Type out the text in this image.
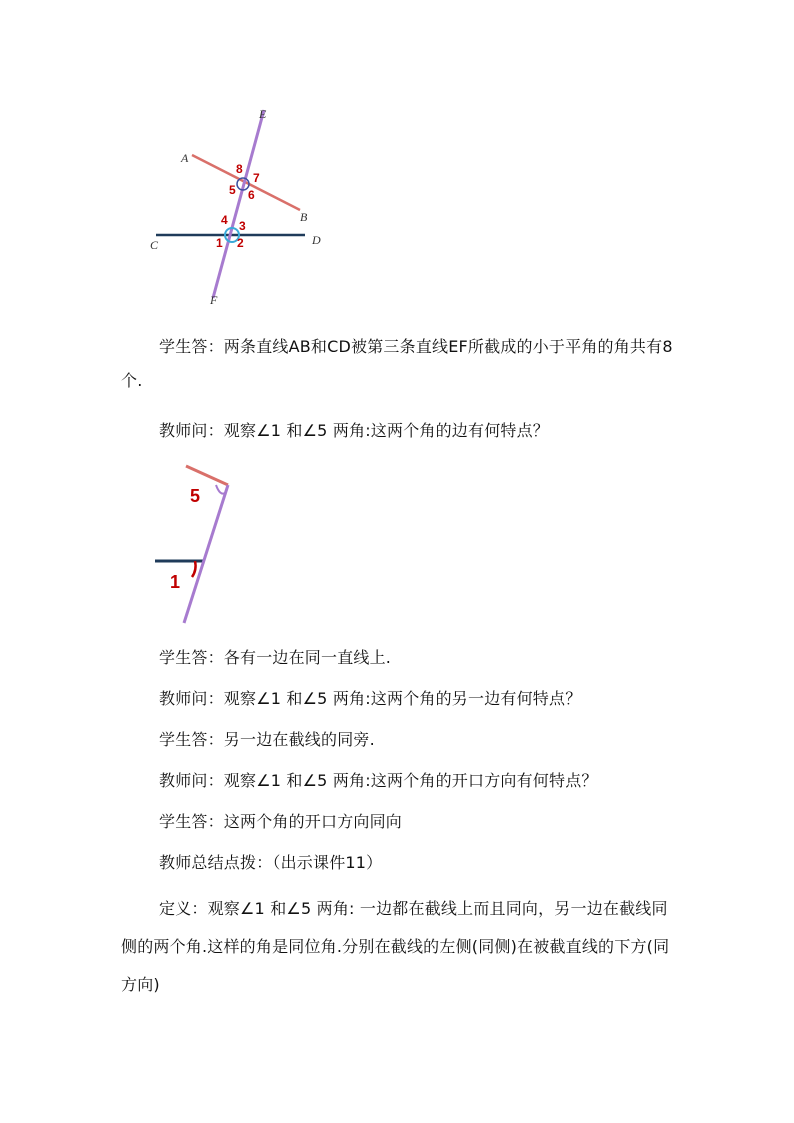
A
B
C	D
E
F
1 2
3
4
5 6
7
8

学生答：两条直线AB和CD被第三条直线EF所截成的小于平角的角共有8个.

教师问：观察∠1 和∠5 两角:这两个角的边有何特点？

5
1

学生答：各有一边在同一直线上.

教师问：观察∠1 和∠5 两角:这两个角的另一边有何特点？

学生答：另一边在截线的同旁.

教师问：观察∠1 和∠5 两角:这两个角的开口方向有何特点？

学生答：这两个角的开口方向同向

教师总结点拨：（出示课件11）

定义：观察∠1 和∠5 两角: 一边都在截线上而且同向，另一边在截线同侧的两个角.这样的角是同位角.分别在截线的左侧(同侧)在被截直线的下方(同方向)
